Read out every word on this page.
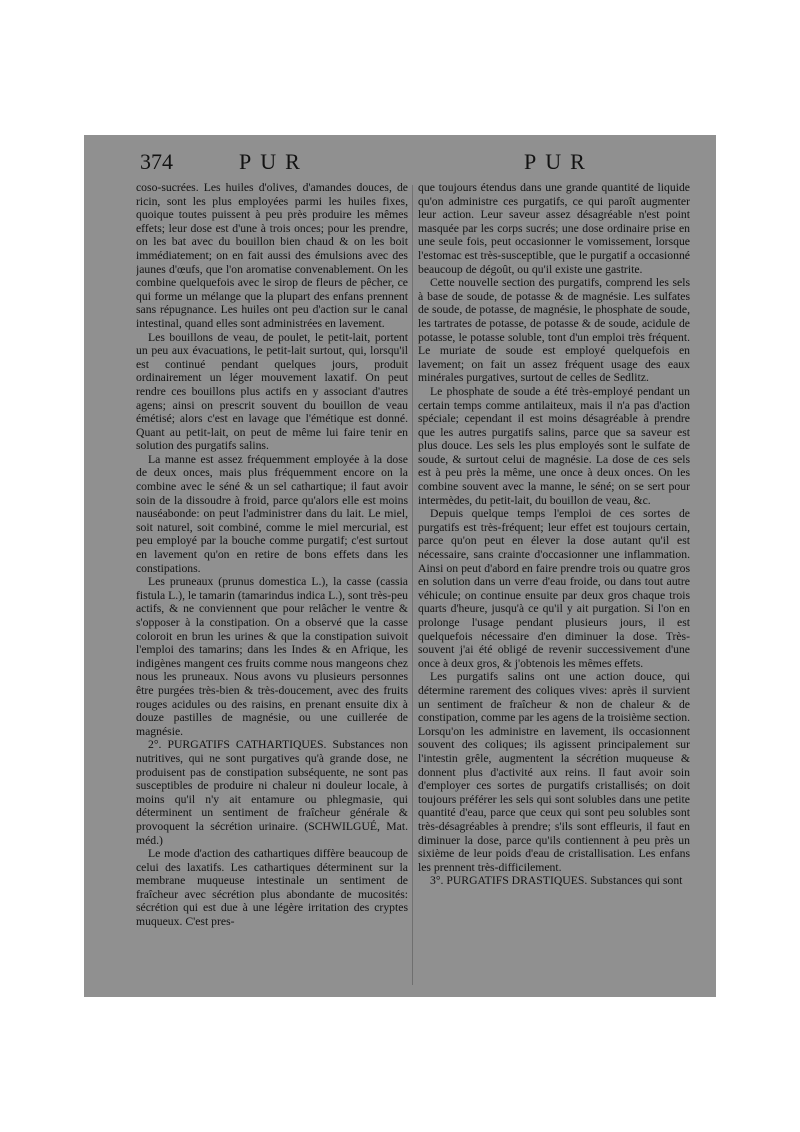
374	PUR	PUR

coso-sucrées. Les huiles d'olives, d'amandes douces, de ricin, sont les plus employées parmi les huiles fixes, quoique toutes puissent à peu près produire les mêmes effets; leur dose est d'une à trois onces; pour les prendre, on les bat avec du bouillon bien chaud & on les boit immédiatement; on en fait aussi des émulsions avec des jaunes d'œufs, que l'on aromatise convenablement. On les combine quelquefois avec le sirop de fleurs de pêcher, ce qui forme un mélange que la plupart des enfans prennent sans répugnance. Les huiles ont peu d'action sur le canal intestinal, quand elles sont administrées en lavement.

Les bouillons de veau, de poulet, le petit-lait, portent un peu aux évacuations, le petit-lait surtout, qui, lorsqu'il est continué pendant quelques jours, produit ordinairement un léger mouvement laxatif. On peut rendre ces bouillons plus actifs en y associant d'autres agens; ainsi on prescrit souvent du bouillon de veau émétisé; alors c'est en lavage que l'émétique est donné. Quant au petit-lait, on peut de même lui faire tenir en solution des purgatifs salins.

La manne est assez fréquemment employée à la dose de deux onces, mais plus fréquemment encore on la combine avec le séné & un sel cathartique; il faut avoir soin de la dissoudre à froid, parce qu'alors elle est moins nauséabonde: on peut l'administrer dans du lait. Le miel, soit naturel, soit combiné, comme le miel mercurial, est peu employé par la bouche comme purgatif; c'est surtout en lavement qu'on en retire de bons effets dans les constipations.

Les pruneaux (prunus domestica L.), la casse (cassia fistula L.), le tamarin (tamarindus indica L.), sont très-peu actifs, & ne conviennent que pour relâcher le ventre & s'opposer à la constipation. On a observé que la casse coloroit en brun les urines & que la constipation suivoit l'emploi des tamarins; dans les Indes & en Afrique, les indigènes mangent ces fruits comme nous mangeons chez nous les pruneaux. Nous avons vu plusieurs personnes être purgées très-bien & très-doucement, avec des fruits rouges acidules ou des raisins, en prenant ensuite dix à douze pastilles de magnésie, ou une cuillerée de magnésie.

2°. PURGATIFS CATHARTIQUES. Substances non nutritives, qui ne sont purgatives qu'à grande dose, ne produisent pas de constipation subséquente, ne sont pas susceptibles de produire ni chaleur ni douleur locale, à moins qu'il n'y ait entamure ou phlegmasie, qui déterminent un sentiment de fraîcheur générale & provoquent la sécrétion urinaire. (SCHWILGUÉ, Mat. méd.)

Le mode d'action des cathartiques diffère beaucoup de celui des laxatifs. Les cathartiques déterminent sur la membrane muqueuse intestinale un sentiment de fraîcheur avec sécrétion plus abondante de mucosités: sécrétion qui est due à une légère irritation des cryptes muqueux. C'est pres-

que toujours étendus dans une grande quantité de liquide qu'on administre ces purgatifs, ce qui paroît augmenter leur action. Leur saveur assez désagréable n'est point masquée par les corps sucrés; une dose ordinaire prise en une seule fois, peut occasionner le vomissement, lorsque l'estomac est très-susceptible, que le purgatif a occasionné beaucoup de dégoût, ou qu'il existe une gastrite.

Cette nouvelle section des purgatifs, comprend les sels à base de soude, de potasse & de magnésie. Les sulfates de soude, de potasse, de magnésie, le phosphate de soude, les tartrates de potasse, de potasse & de soude, acidule de potasse, le potasse soluble, tont d'un emploi très fréquent. Le muriate de soude est employé quelquefois en lavement; on fait un assez fréquent usage des eaux minérales purgatives, surtout de celles de Sedlitz.

Le phosphate de soude a été très-employé pendant un certain temps comme antilaiteux, mais il n'a pas d'action spéciale; cependant il est moins désagréable à prendre que les autres purgatifs salins, parce que sa saveur est plus douce. Les sels les plus employés sont le sulfate de soude, & surtout celui de magnésie. La dose de ces sels est à peu près la même, une once à deux onces. On les combine souvent avec la manne, le séné; on se sert pour intermèdes, du petit-lait, du bouillon de veau, &c.

Depuis quelque temps l'emploi de ces sortes de purgatifs est très-fréquent; leur effet est toujours certain, parce qu'on peut en élever la dose autant qu'il est nécessaire, sans crainte d'occasionner une inflammation. Ainsi on peut d'abord en faire prendre trois ou quatre gros en solution dans un verre d'eau froide, ou dans tout autre véhicule; on continue ensuite par deux gros chaque trois quarts d'heure, jusqu'à ce qu'il y ait purgation. Si l'on en prolonge l'usage pendant plusieurs jours, il est quelquefois nécessaire d'en diminuer la dose. Très-souvent j'ai été obligé de revenir successivement d'une once à deux gros, & j'obtenois les mêmes effets.

Les purgatifs salins ont une action douce, qui détermine rarement des coliques vives: après il survient un sentiment de fraîcheur & non de chaleur & de constipation, comme par les agens de la troisième section. Lorsqu'on les administre en lavement, ils occasionnent souvent des coliques; ils agissent principalement sur l'intestin grêle, augmentent la sécrétion muqueuse & donnent plus d'activité aux reins. Il faut avoir soin d'employer ces sortes de purgatifs cristallisés; on doit toujours préférer les sels qui sont solubles dans une petite quantité d'eau, parce que ceux qui sont peu solubles sont très-désagréables à prendre; s'ils sont effleuris, il faut en diminuer la dose, parce qu'ils contiennent à peu près un sixième de leur poids d'eau de cristallisation. Les enfans les prennent très-difficilement.

3°. PURGATIFS DRASTIQUES. Substances qui sont
